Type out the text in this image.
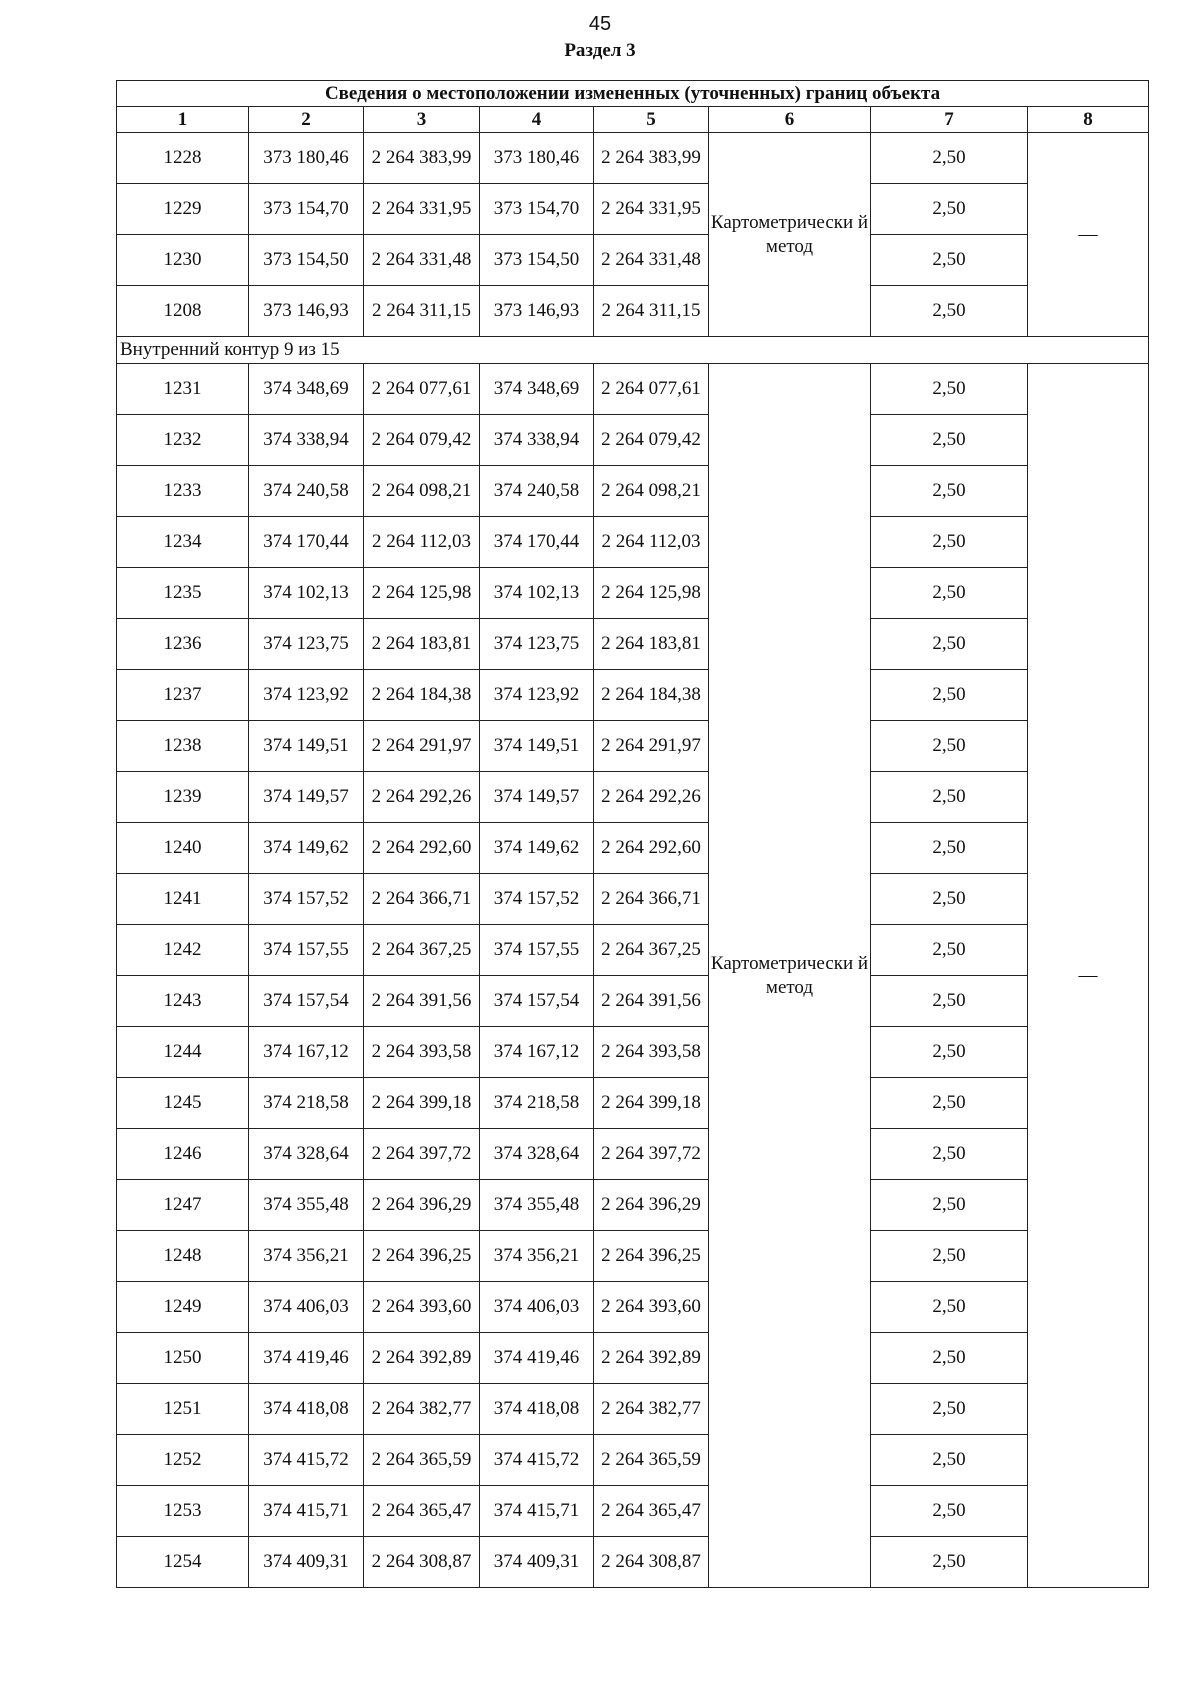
45
Раздел 3
Сведения о местоположении измененных (уточненных) границ объекта							
1	2	3	4	5	6	7	8
1228	373 180,46	2 264 383,99	373 180,46	2 264 383,99	Картометрически й метод	2,50	—
1229	373 154,70	2 264 331,95	373 154,70	2 264 331,95		2,50	
1230	373 154,50	2 264 331,48	373 154,50	2 264 331,48		2,50	
1208	373 146,93	2 264 311,15	373 146,93	2 264 311,15		2,50	
Внутренний контур 9 из 15							
1231	374 348,69	2 264 077,61	374 348,69	2 264 077,61	Картометрически й метод	2,50	—
1232	374 338,94	2 264 079,42	374 338,94	2 264 079,42		2,50	
1233	374 240,58	2 264 098,21	374 240,58	2 264 098,21		2,50	
1234	374 170,44	2 264 112,03	374 170,44	2 264 112,03		2,50	
1235	374 102,13	2 264 125,98	374 102,13	2 264 125,98		2,50	
1236	374 123,75	2 264 183,81	374 123,75	2 264 183,81		2,50	
1237	374 123,92	2 264 184,38	374 123,92	2 264 184,38		2,50	
1238	374 149,51	2 264 291,97	374 149,51	2 264 291,97		2,50	
1239	374 149,57	2 264 292,26	374 149,57	2 264 292,26		2,50	
1240	374 149,62	2 264 292,60	374 149,62	2 264 292,60		2,50	
1241	374 157,52	2 264 366,71	374 157,52	2 264 366,71		2,50	
1242	374 157,55	2 264 367,25	374 157,55	2 264 367,25		2,50	
1243	374 157,54	2 264 391,56	374 157,54	2 264 391,56		2,50	
1244	374 167,12	2 264 393,58	374 167,12	2 264 393,58		2,50	
1245	374 218,58	2 264 399,18	374 218,58	2 264 399,18		2,50	
1246	374 328,64	2 264 397,72	374 328,64	2 264 397,72		2,50	
1247	374 355,48	2 264 396,29	374 355,48	2 264 396,29		2,50	
1248	374 356,21	2 264 396,25	374 356,21	2 264 396,25		2,50	
1249	374 406,03	2 264 393,60	374 406,03	2 264 393,60		2,50	
1250	374 419,46	2 264 392,89	374 419,46	2 264 392,89		2,50	
1251	374 418,08	2 264 382,77	374 418,08	2 264 382,77		2,50	
1252	374 415,72	2 264 365,59	374 415,72	2 264 365,59		2,50	
1253	374 415,71	2 264 365,47	374 415,71	2 264 365,47		2,50	
1254	374 409,31	2 264 308,87	374 409,31	2 264 308,87		2,50	
